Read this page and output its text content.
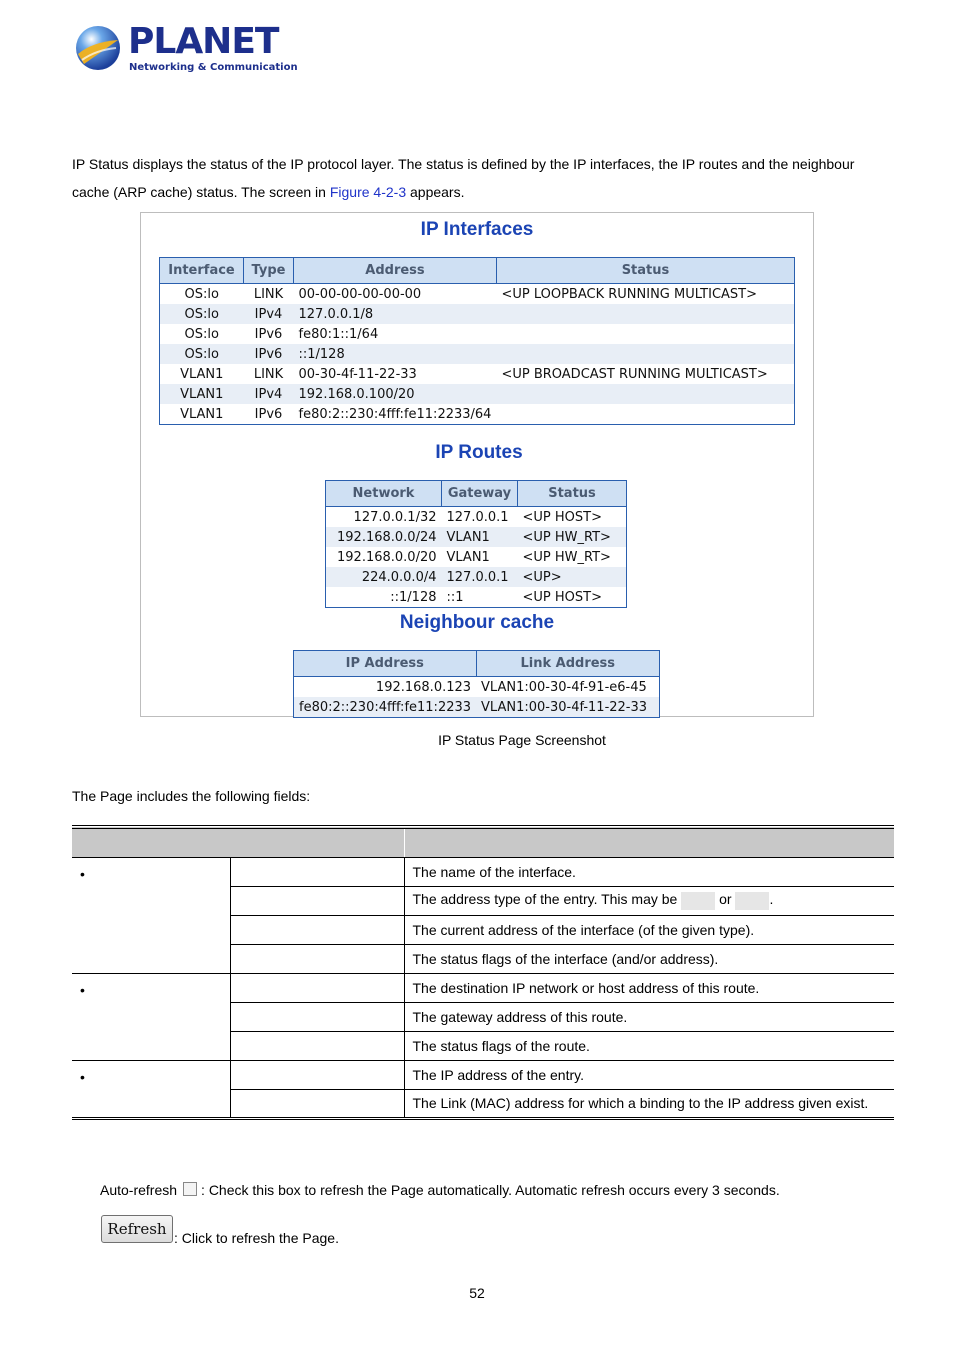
PLANET
Networking & Communication
IP Status displays the status of the IP protocol layer. The status is defined by the IP interfaces, the IP routes and the neighbour
cache (ARP cache) status. The screen in Figure 4-2-3 appears.
IP Interfaces
Interface	Type	Address	Status
OS:lo	LINK	00-00-00-00-00-00	<UP LOOPBACK RUNNING MULTICAST>
OS:lo	IPv4	127.0.0.1/8	
OS:lo	IPv6	fe80:1::1/64	
OS:lo	IPv6	::1/128	
VLAN1	LINK	00-30-4f-11-22-33	<UP BROADCAST RUNNING MULTICAST>
VLAN1	IPv4	192.168.0.100/20	
VLAN1	IPv6	fe80:2::230:4fff:fe11:2233/64	
IP Routes
Network	Gateway	Status
127.0.0.1/32	127.0.0.1	<UP HOST>
192.168.0.0/24	VLAN1	<UP HW_RT>
192.168.0.0/20	VLAN1	<UP HW_RT>
224.0.0.0/4	127.0.0.1	<UP>
::1/128	::1	<UP HOST>
Neighbour cache
IP Address	Link Address
192.168.0.123	VLAN1:00-30-4f-91-e6-45
fe80:2::230:4fff:fe11:2233	VLAN1:00-30-4f-11-22-33
IP Status Page Screenshot
The Page includes the following fields:

•		The name of the interface.
		The address type of the entry. This may be or .
		The current address of the interface (of the given type).
		The status flags of the interface (and/or address).
•		The destination IP network or host address of this route.
		The gateway address of this route.
		The status flags of the route.
•		The IP address of the entry.
		The Link (MAC) address for which a binding to the IP address given exist.
Auto-refresh : Check this box to refresh the Page automatically. Automatic refresh occurs every 3 seconds.
Refresh : Click to refresh the Page.
52
